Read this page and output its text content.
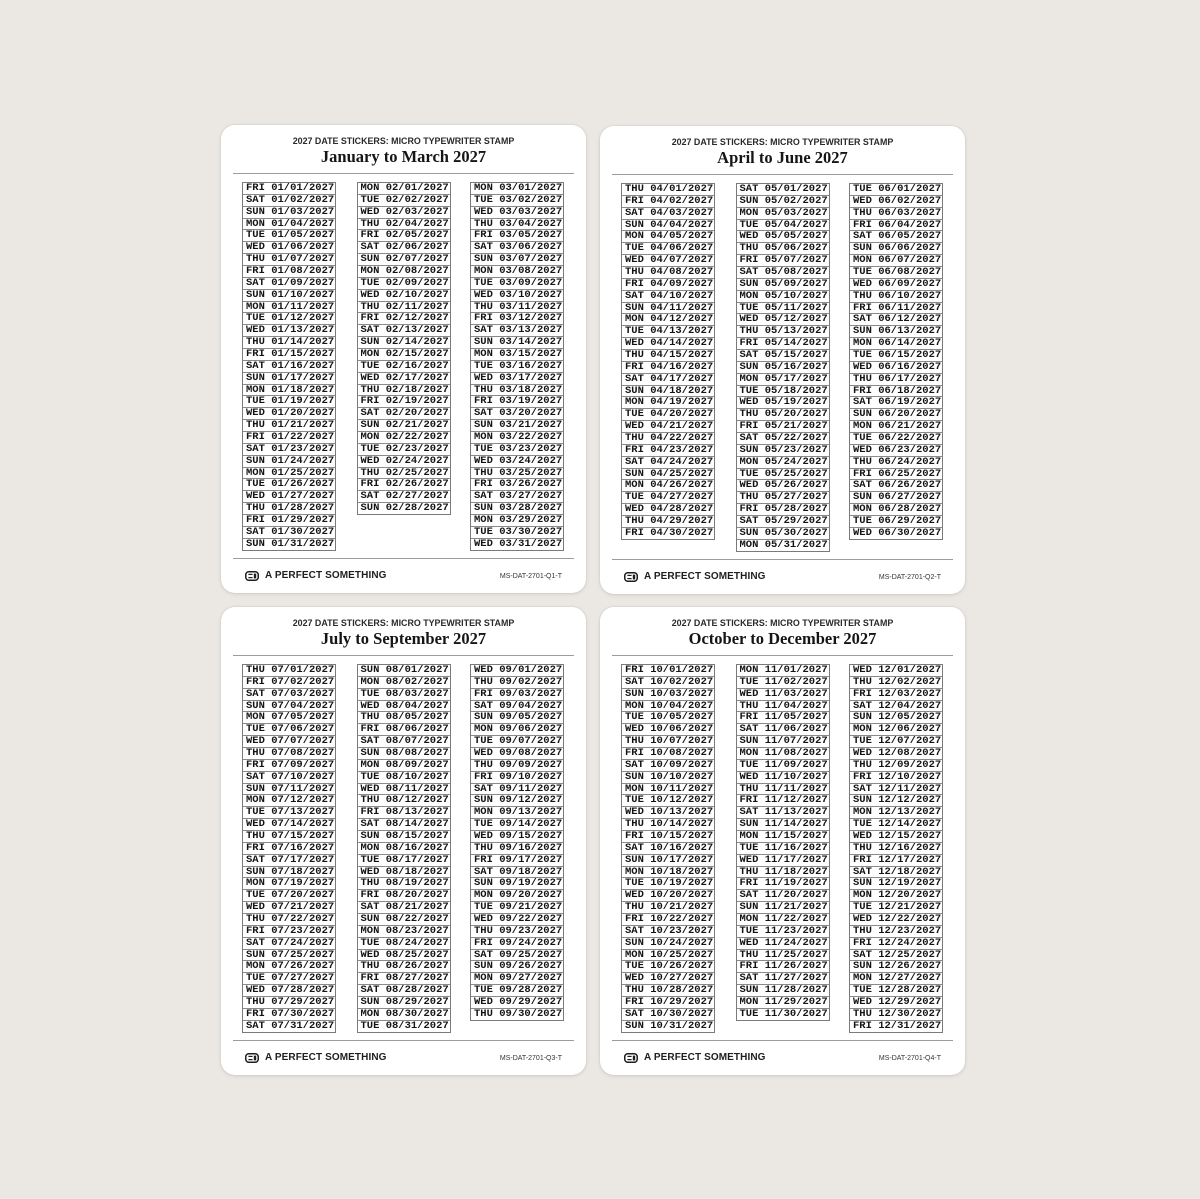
2027 DATE STICKERS: MICRO TYPEWRITER STAMP
January to March 2027
FRI 01/01/2027
SAT 01/02/2027
SUN 01/03/2027
MON 01/04/2027
TUE 01/05/2027
WED 01/06/2027
THU 01/07/2027
FRI 01/08/2027
SAT 01/09/2027
SUN 01/10/2027
MON 01/11/2027
TUE 01/12/2027
WED 01/13/2027
THU 01/14/2027
FRI 01/15/2027
SAT 01/16/2027
SUN 01/17/2027
MON 01/18/2027
TUE 01/19/2027
WED 01/20/2027
THU 01/21/2027
FRI 01/22/2027
SAT 01/23/2027
SUN 01/24/2027
MON 01/25/2027
TUE 01/26/2027
WED 01/27/2027
THU 01/28/2027
FRI 01/29/2027
SAT 01/30/2027
SUN 01/31/2027
MON 02/01/2027
TUE 02/02/2027
WED 02/03/2027
THU 02/04/2027
FRI 02/05/2027
SAT 02/06/2027
SUN 02/07/2027
MON 02/08/2027
TUE 02/09/2027
WED 02/10/2027
THU 02/11/2027
FRI 02/12/2027
SAT 02/13/2027
SUN 02/14/2027
MON 02/15/2027
TUE 02/16/2027
WED 02/17/2027
THU 02/18/2027
FRI 02/19/2027
SAT 02/20/2027
SUN 02/21/2027
MON 02/22/2027
TUE 02/23/2027
WED 02/24/2027
THU 02/25/2027
FRI 02/26/2027
SAT 02/27/2027
SUN 02/28/2027
MON 03/01/2027
TUE 03/02/2027
WED 03/03/2027
THU 03/04/2027
FRI 03/05/2027
SAT 03/06/2027
SUN 03/07/2027
MON 03/08/2027
TUE 03/09/2027
WED 03/10/2027
THU 03/11/2027
FRI 03/12/2027
SAT 03/13/2027
SUN 03/14/2027
MON 03/15/2027
TUE 03/16/2027
WED 03/17/2027
THU 03/18/2027
FRI 03/19/2027
SAT 03/20/2027
SUN 03/21/2027
MON 03/22/2027
TUE 03/23/2027
WED 03/24/2027
THU 03/25/2027
FRI 03/26/2027
SAT 03/27/2027
SUN 03/28/2027
MON 03/29/2027
TUE 03/30/2027
WED 03/31/2027
A PERFECT SOMETHING	MS-DAT-2701-Q1-T
2027 DATE STICKERS: MICRO TYPEWRITER STAMP
April to June 2027
THU 04/01/2027
FRI 04/02/2027
SAT 04/03/2027
SUN 04/04/2027
MON 04/05/2027
TUE 04/06/2027
WED 04/07/2027
THU 04/08/2027
FRI 04/09/2027
SAT 04/10/2027
SUN 04/11/2027
MON 04/12/2027
TUE 04/13/2027
WED 04/14/2027
THU 04/15/2027
FRI 04/16/2027
SAT 04/17/2027
SUN 04/18/2027
MON 04/19/2027
TUE 04/20/2027
WED 04/21/2027
THU 04/22/2027
FRI 04/23/2027
SAT 04/24/2027
SUN 04/25/2027
MON 04/26/2027
TUE 04/27/2027
WED 04/28/2027
THU 04/29/2027
FRI 04/30/2027
SAT 05/01/2027
SUN 05/02/2027
MON 05/03/2027
TUE 05/04/2027
WED 05/05/2027
THU 05/06/2027
FRI 05/07/2027
SAT 05/08/2027
SUN 05/09/2027
MON 05/10/2027
TUE 05/11/2027
WED 05/12/2027
THU 05/13/2027
FRI 05/14/2027
SAT 05/15/2027
SUN 05/16/2027
MON 05/17/2027
TUE 05/18/2027
WED 05/19/2027
THU 05/20/2027
FRI 05/21/2027
SAT 05/22/2027
SUN 05/23/2027
MON 05/24/2027
TUE 05/25/2027
WED 05/26/2027
THU 05/27/2027
FRI 05/28/2027
SAT 05/29/2027
SUN 05/30/2027
MON 05/31/2027
TUE 06/01/2027
WED 06/02/2027
THU 06/03/2027
FRI 06/04/2027
SAT 06/05/2027
SUN 06/06/2027
MON 06/07/2027
TUE 06/08/2027
WED 06/09/2027
THU 06/10/2027
FRI 06/11/2027
SAT 06/12/2027
SUN 06/13/2027
MON 06/14/2027
TUE 06/15/2027
WED 06/16/2027
THU 06/17/2027
FRI 06/18/2027
SAT 06/19/2027
SUN 06/20/2027
MON 06/21/2027
TUE 06/22/2027
WED 06/23/2027
THU 06/24/2027
FRI 06/25/2027
SAT 06/26/2027
SUN 06/27/2027
MON 06/28/2027
TUE 06/29/2027
WED 06/30/2027
A PERFECT SOMETHING	MS-DAT-2701-Q2-T
2027 DATE STICKERS: MICRO TYPEWRITER STAMP
July to September 2027
THU 07/01/2027
FRI 07/02/2027
SAT 07/03/2027
SUN 07/04/2027
MON 07/05/2027
TUE 07/06/2027
WED 07/07/2027
THU 07/08/2027
FRI 07/09/2027
SAT 07/10/2027
SUN 07/11/2027
MON 07/12/2027
TUE 07/13/2027
WED 07/14/2027
THU 07/15/2027
FRI 07/16/2027
SAT 07/17/2027
SUN 07/18/2027
MON 07/19/2027
TUE 07/20/2027
WED 07/21/2027
THU 07/22/2027
FRI 07/23/2027
SAT 07/24/2027
SUN 07/25/2027
MON 07/26/2027
TUE 07/27/2027
WED 07/28/2027
THU 07/29/2027
FRI 07/30/2027
SAT 07/31/2027
SUN 08/01/2027
MON 08/02/2027
TUE 08/03/2027
WED 08/04/2027
THU 08/05/2027
FRI 08/06/2027
SAT 08/07/2027
SUN 08/08/2027
MON 08/09/2027
TUE 08/10/2027
WED 08/11/2027
THU 08/12/2027
FRI 08/13/2027
SAT 08/14/2027
SUN 08/15/2027
MON 08/16/2027
TUE 08/17/2027
WED 08/18/2027
THU 08/19/2027
FRI 08/20/2027
SAT 08/21/2027
SUN 08/22/2027
MON 08/23/2027
TUE 08/24/2027
WED 08/25/2027
THU 08/26/2027
FRI 08/27/2027
SAT 08/28/2027
SUN 08/29/2027
MON 08/30/2027
TUE 08/31/2027
WED 09/01/2027
THU 09/02/2027
FRI 09/03/2027
SAT 09/04/2027
SUN 09/05/2027
MON 09/06/2027
TUE 09/07/2027
WED 09/08/2027
THU 09/09/2027
FRI 09/10/2027
SAT 09/11/2027
SUN 09/12/2027
MON 09/13/2027
TUE 09/14/2027
WED 09/15/2027
THU 09/16/2027
FRI 09/17/2027
SAT 09/18/2027
SUN 09/19/2027
MON 09/20/2027
TUE 09/21/2027
WED 09/22/2027
THU 09/23/2027
FRI 09/24/2027
SAT 09/25/2027
SUN 09/26/2027
MON 09/27/2027
TUE 09/28/2027
WED 09/29/2027
THU 09/30/2027
A PERFECT SOMETHING	MS-DAT-2701-Q3-T
2027 DATE STICKERS: MICRO TYPEWRITER STAMP
October to December 2027
FRI 10/01/2027
SAT 10/02/2027
SUN 10/03/2027
MON 10/04/2027
TUE 10/05/2027
WED 10/06/2027
THU 10/07/2027
FRI 10/08/2027
SAT 10/09/2027
SUN 10/10/2027
MON 10/11/2027
TUE 10/12/2027
WED 10/13/2027
THU 10/14/2027
FRI 10/15/2027
SAT 10/16/2027
SUN 10/17/2027
MON 10/18/2027
TUE 10/19/2027
WED 10/20/2027
THU 10/21/2027
FRI 10/22/2027
SAT 10/23/2027
SUN 10/24/2027
MON 10/25/2027
TUE 10/26/2027
WED 10/27/2027
THU 10/28/2027
FRI 10/29/2027
SAT 10/30/2027
SUN 10/31/2027
MON 11/01/2027
TUE 11/02/2027
WED 11/03/2027
THU 11/04/2027
FRI 11/05/2027
SAT 11/06/2027
SUN 11/07/2027
MON 11/08/2027
TUE 11/09/2027
WED 11/10/2027
THU 11/11/2027
FRI 11/12/2027
SAT 11/13/2027
SUN 11/14/2027
MON 11/15/2027
TUE 11/16/2027
WED 11/17/2027
THU 11/18/2027
FRI 11/19/2027
SAT 11/20/2027
SUN 11/21/2027
MON 11/22/2027
TUE 11/23/2027
WED 11/24/2027
THU 11/25/2027
FRI 11/26/2027
SAT 11/27/2027
SUN 11/28/2027
MON 11/29/2027
TUE 11/30/2027
WED 12/01/2027
THU 12/02/2027
FRI 12/03/2027
SAT 12/04/2027
SUN 12/05/2027
MON 12/06/2027
TUE 12/07/2027
WED 12/08/2027
THU 12/09/2027
FRI 12/10/2027
SAT 12/11/2027
SUN 12/12/2027
MON 12/13/2027
TUE 12/14/2027
WED 12/15/2027
THU 12/16/2027
FRI 12/17/2027
SAT 12/18/2027
SUN 12/19/2027
MON 12/20/2027
TUE 12/21/2027
WED 12/22/2027
THU 12/23/2027
FRI 12/24/2027
SAT 12/25/2027
SUN 12/26/2027
MON 12/27/2027
TUE 12/28/2027
WED 12/29/2027
THU 12/30/2027
FRI 12/31/2027
A PERFECT SOMETHING	MS-DAT-2701-Q4-T
